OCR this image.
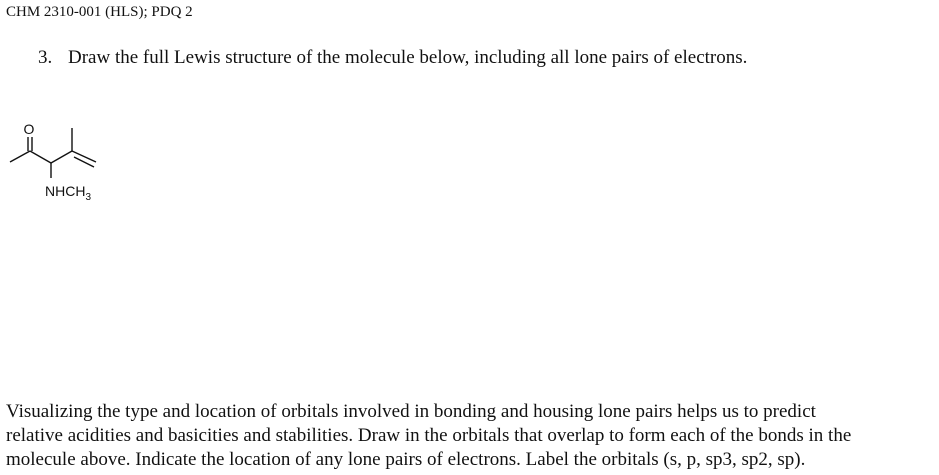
CHM 2310-001 (HLS); PDQ 2
3. Draw the full Lewis structure of the molecule below, including all lone pairs of electrons.
O
$NHCH_3$
Visualizing the type and location of orbitals involved in bonding and housing lone pairs helps us to predict
relative acidities and basicities and stabilities. Draw in the orbitals that overlap to form each of the bonds in the
molecule above. Indicate the location of any lone pairs of electrons. Label the orbitals (s, p, sp3, sp2, sp).
